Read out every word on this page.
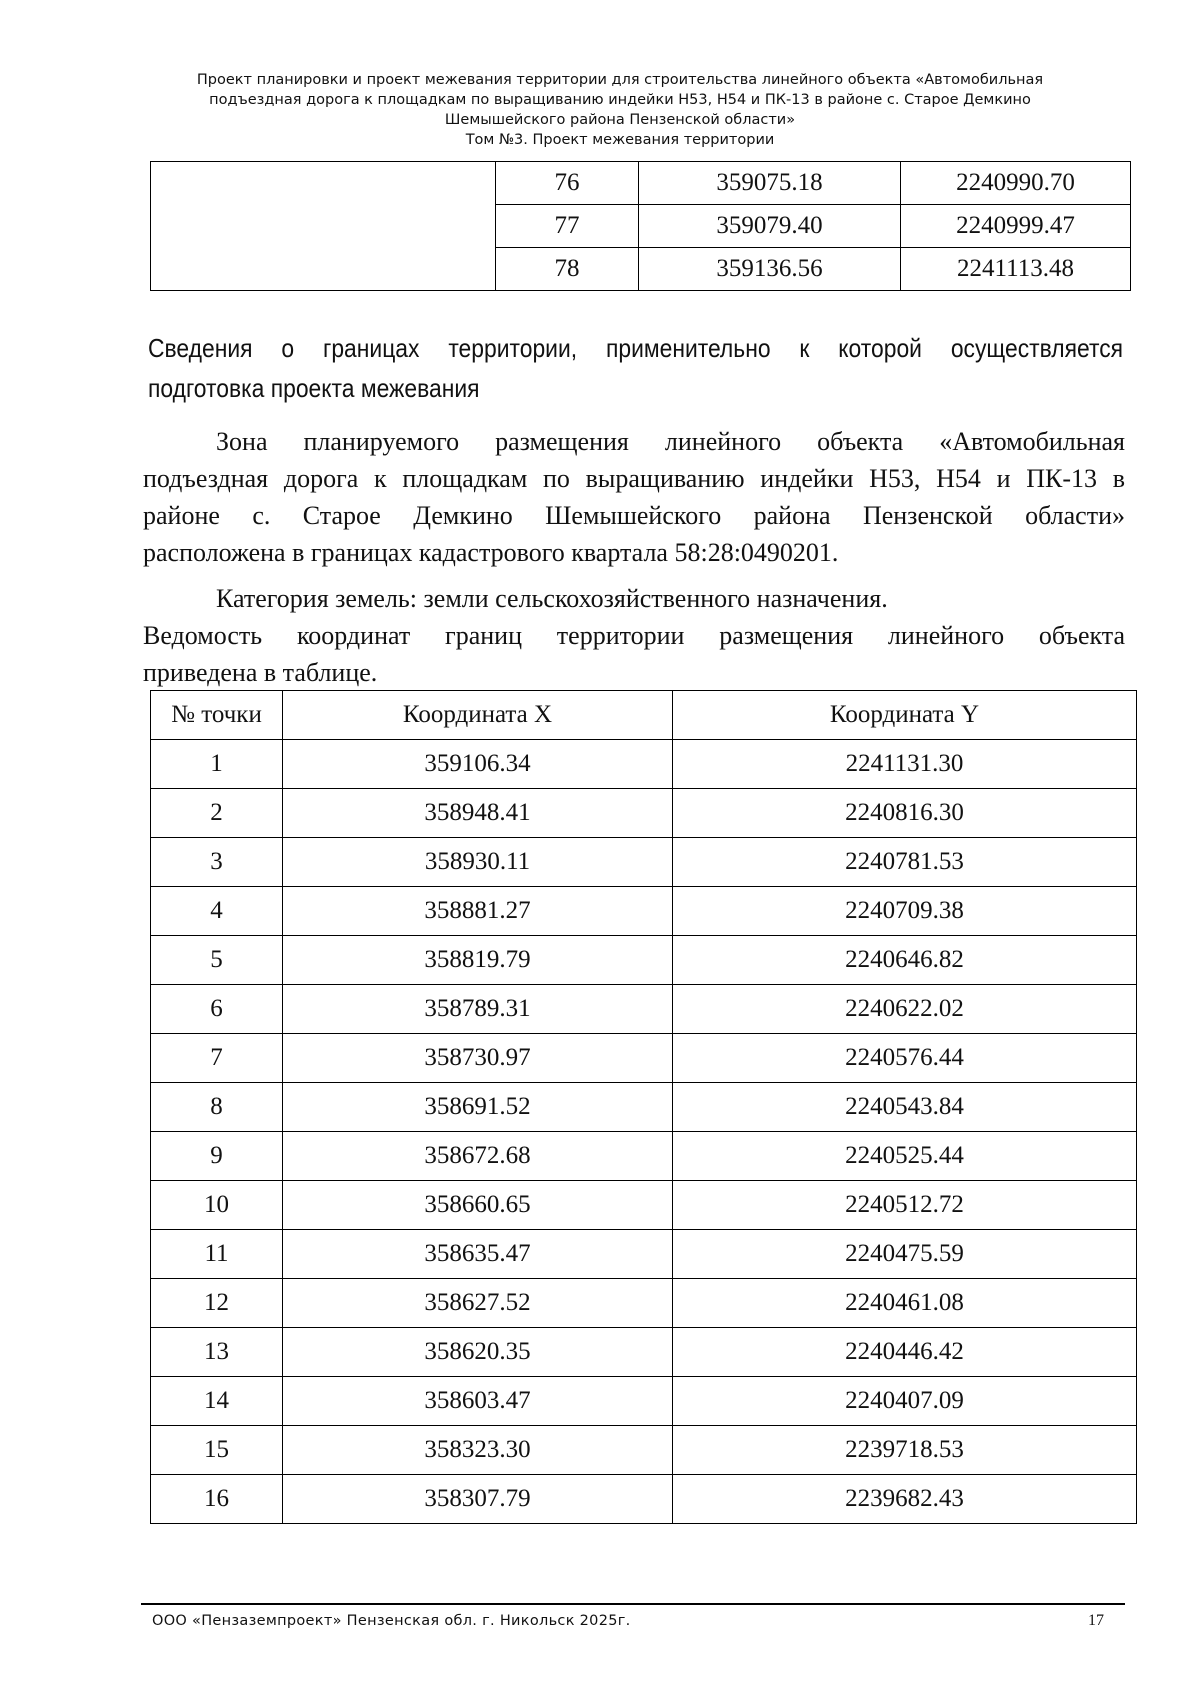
Проект планировки и проект межевания территории для строительства линейного объекта «Автомобильная
подъездная дорога к площадкам по выращиванию индейки Н53, Н54 и ПК-13 в районе с. Старое Демкино
Шемышейского района Пензенской области»
Том №3. Проект межевания территории
	76	359075.18	2240990.70
	77	359079.40	2240999.47
	78	359136.56	2241113.48
Сведения о границах территории, применительно к которой осуществляется
подготовка проекта межевания
Зона планируемого размещения линейного объекта «Автомобильная
подъездная дорога к площадкам по выращиванию индейки Н53, Н54 и ПК-13 в
районе с. Старое Демкино Шемышейского района Пензенской области»
расположена в границах кадастрового квартала 58:28:0490201.
Категория земель: земли сельскохозяйственного назначения.
Ведомость координат границ территории размещения линейного объекта
приведена в таблице.
№ точки	Координата X	Координата Y
1	359106.34	2241131.30
2	358948.41	2240816.30
3	358930.11	2240781.53
4	358881.27	2240709.38
5	358819.79	2240646.82
6	358789.31	2240622.02
7	358730.97	2240576.44
8	358691.52	2240543.84
9	358672.68	2240525.44
10	358660.65	2240512.72
11	358635.47	2240475.59
12	358627.52	2240461.08
13	358620.35	2240446.42
14	358603.47	2240407.09
15	358323.30	2239718.53
16	358307.79	2239682.43
ООО «Пензаземпроект» Пензенская обл. г. Никольск 2025г.	17
